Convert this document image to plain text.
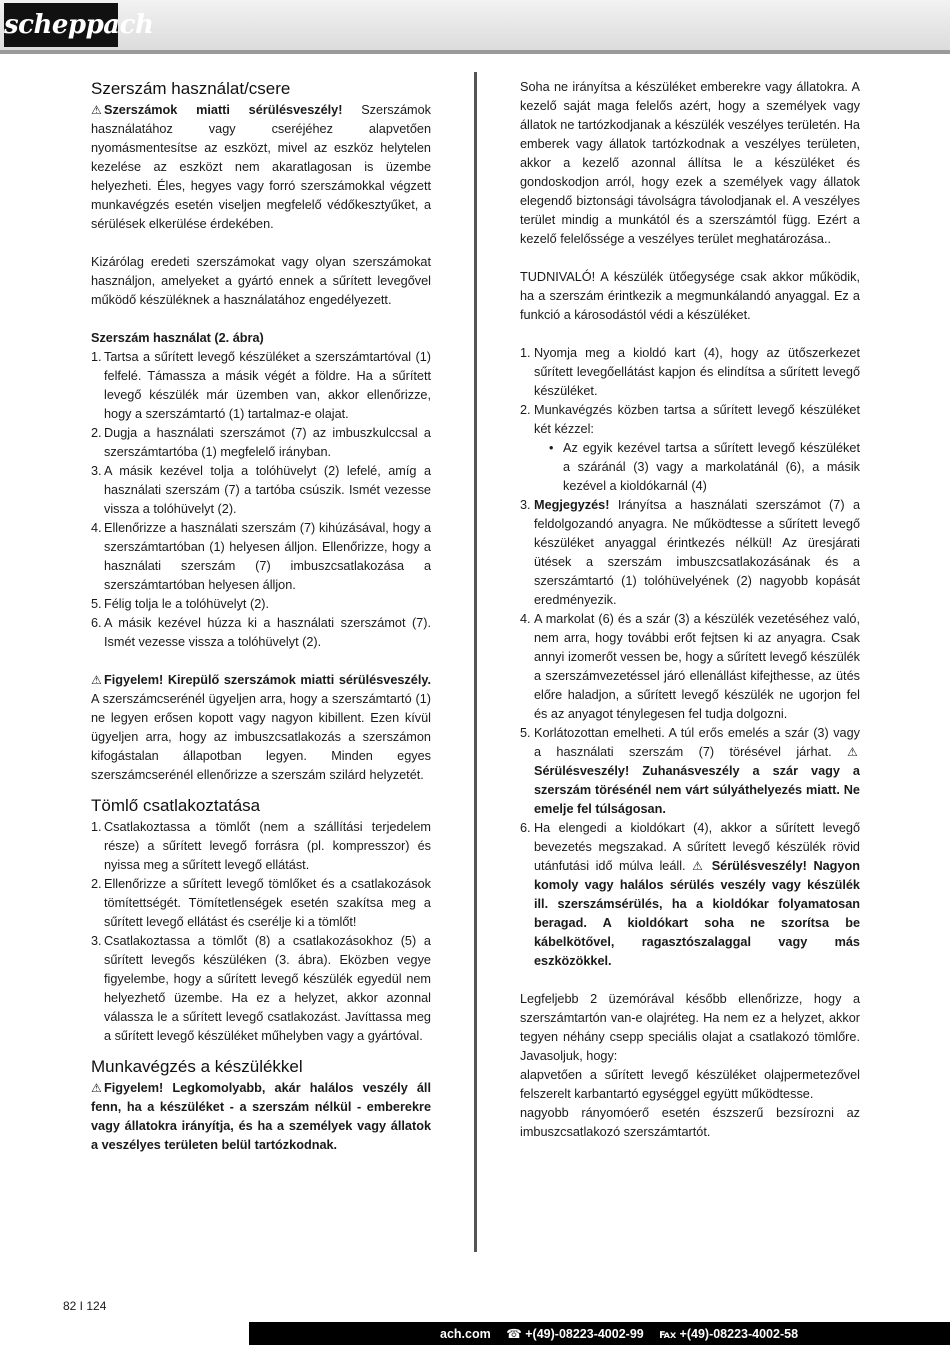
scheppach
Szerszám használat/csere

⚠ Szerszámok miatti sérülésveszély! Szerszámok használatához vagy cseréjéhez alapvetően nyomásmentesítse az eszközt, mivel az eszköz helytelen kezelése az eszközt nem akaratlagosan is üzembe helyezheti. Éles, hegyes vagy forró szerszámokkal végzett munkavégzés esetén viseljen megfelelő védőkesztyűket, a sérülések elkerülése érdekében.

Kizárólag eredeti szerszámokat vagy olyan szerszámokat használjon, amelyeket a gyártó ennek a sűrített levegővel működő készüléknek a használatához engedélyezett.

Szerszám használat (2. ábra)

1. Tartsa a sűrített levegő készüléket a szerszámtartóval (1) felfelé. Támassza a másik végét a földre. Ha a sűrített levegő készülék már üzemben van, akkor ellenőrizze, hogy a szerszámtartó (1) tartalmaz-e olajat.
2. Dugja a használati szerszámot (7) az imbuszkulccsal a szerszámtartóba (1) megfelelő irányban.
3. A másik kezével tolja a tolóhüvelyt (2) lefelé, amíg a használati szerszám (7) a tartóba csúszik. Ismét vezesse vissza a tolóhüvelyt (2).
4. Ellenőrizze a használati szerszám (7) kihúzásával, hogy a szerszámtartóban (1) helyesen álljon. Ellenőrizze, hogy a használati szerszám (7) imbuszcsatlakozása a szerszámtartóban helyesen álljon.
5. Félig tolja le a tolóhüvelyt (2).
6. A másik kezével húzza ki a használati szerszámot (7). Ismét vezesse vissza a tolóhüvelyt (2).

⚠ Figyelem! Kirepülő szerszámok miatti sérülésveszély. A szerszámcserénél ügyeljen arra, hogy a szerszámtartó (1) ne legyen erősen kopott vagy nagyon kibillent. Ezen kívül ügyeljen arra, hogy az imbuszcsatlakozás a szerszámon kifogástalan állapotban legyen. Minden egyes szerszámcserénél ellenőrizze a szerszám szilárd helyzetét.

Tömlő csatlakoztatása
1. Csatlakoztassa a tömlőt (nem a szállítási terjedelem része) a sűrített levegő forrásra (pl. kompresszor) és nyissa meg a sűrített levegő ellátást.
2. Ellenőrizze a sűrített levegő tömlőket és a csatlakozások tömítettségét. Tömítetlenségek esetén szakítsa meg a sűrített levegő ellátást és cserélje ki a tömlőt!
3. Csatlakoztassa a tömlőt (8) a csatlakozásokhoz (5) a sűrített levegős készüléken (3. ábra). Eközben vegye figyelembe, hogy a sűrített levegő készülék egyedül nem helyezhető üzembe. Ha ez a helyzet, akkor azonnal válassza le a sűrített levegő csatlakozást. Javíttassa meg a sűrített levegő készüléket műhelyben vagy a gyártóval.
Munkavégzés a készülékkel

⚠ Figyelem! Legkomolyabb, akár halálos veszély áll fenn, ha a készüléket - a szerszám nélkül - emberekre vagy állatokra irányítja, és ha a személyek vagy állatok a veszélyes területen belül tartózkodnak.

Soha ne irányítsa a készüléket emberekre vagy állatokra. A kezelő saját maga felelős azért, hogy a személyek vagy állatok ne tartózkodjanak a készülék veszélyes területén. Ha emberek vagy állatok tartózkodnak a veszélyes területen, akkor a kezelő azonnal állítsa le a készüléket és gondoskodjon arról, hogy ezek a személyek vagy állatok elegendő biztonsági távolságra távolodjanak el. A veszélyes terület mindig a munkától és a szerszámtól függ. Ezért a kezelő felelőssége a veszélyes terület meghatározása..

TUDNIVALÓ! A készülék ütőegysége csak akkor működik, ha a szerszám érintkezik a megmunkálandó anyaggal. Ez a funkció a károsodástól védi a készüléket.

1. Nyomja meg a kioldó kart (4), hogy az ütőszerkezet sűrített levegőellátást kapjon és elindítsa a sűrített levegő készüléket.
2. Munkavégzés közben tartsa a sűrített levegő készüléket két kézzel:
• Az egyik kezével tartsa a sűrített levegő készüléket a száránál (3) vagy a markolatánál (6), a másik kezével a kioldókarnál (4)
3. Megjegyzés! Irányítsa a használati szerszámot (7) a feldolgozandó anyagra. Ne működtesse a sűrített levegő készüléket anyaggal érintkezés nélkül! Az üresjárati ütések a szerszám imbuszcsatlakozásának és a szerszámtartó (1) tolóhüvelyének (2) nagyobb kopását eredményezik.
4. A markolat (6) és a szár (3) a készülék vezetéséhez való, nem arra, hogy további erőt fejtsen ki az anyagra. Csak annyi izomerőt vessen be, hogy a sűrített levegő készülék a szerszámvezetéssel járó ellenállást kifejthesse, az ütés előre haladjon, a sűrített levegő készülék ne ugorjon fel és az anyagot ténylegesen fel tudja dolgozni.
5. Korlátozottan emelheti. A túl erős emelés a szár (3) vagy a használati szerszám (7) törésével járhat. ⚠ Sérülésveszély! Zuhanásveszély a szár vagy a szerszám törésénél nem várt súlyáthelyezés miatt. Ne emelje fel túlságosan.
6. Ha elengedi a kioldókart (4), akkor a sűrített levegő bevezetés megszakad. A sűrített levegő készülék rövid utánfutási idő múlva leáll. ⚠ Sérülésveszély! Nagyon komoly vagy halálos sérülés veszély vagy készülék ill. szerszámsérülés, ha a kioldókar folyamatosan beragad. A kioldókart soha ne szorítsa be kábelkötővel, ragasztószalaggal vagy más eszközökkel.

Legfeljebb 2 üzemórával később ellenőrizze, hogy a szerszámtartón van-e olajréteg. Ha nem ez a helyzet, akkor tegyen néhány csepp speciális olajat a csatlakozó tömlőre. Javasoljuk, hogy:

alapvetően a sűrített levegő készüléket olajpermetezővel felszerelt karbantartó egységgel együtt működtesse.

nagyobb rányomóerő esetén észszerű bezsírozni az imbuszcsatlakozó szerszámtartót.

82 I 124
ach.com ☎ +(49)-08223-4002-99 ℻ +(49)-08223-4002-58
